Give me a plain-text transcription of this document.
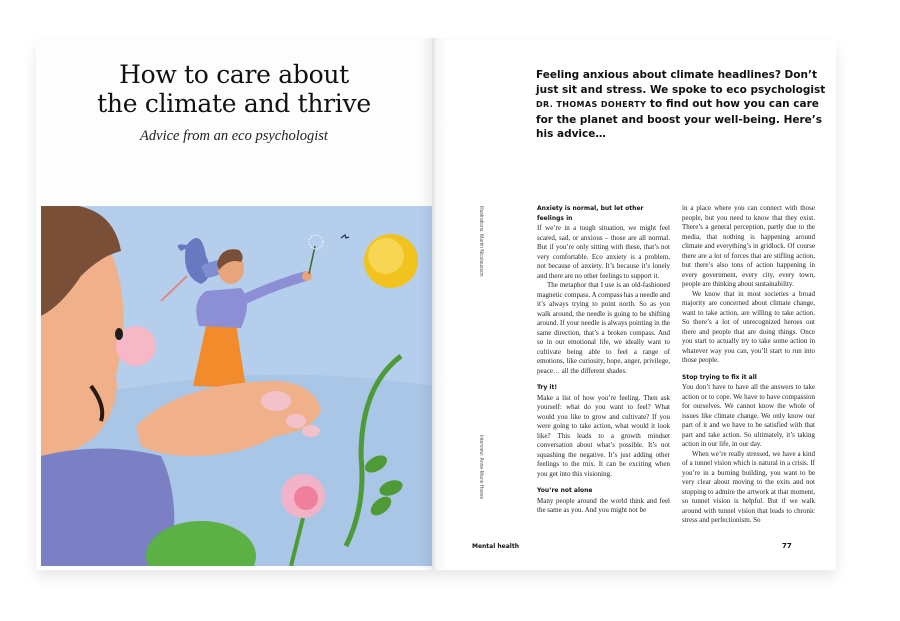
How to care about
the climate and thrive
Advice from an eco psychologist
Feeling anxious about climate headlines? Don’t just sit and stress. We spoke to eco psychologist DR. THOMAS DOHERTY to find out how you can care for the planet and boost your well-being. Here’s his advice…
Illustrations: Martin Nicolausson
Interview: Anne-Marie Hoeve
Anxiety is normal, but let other feelings in

If we’re in a tough situation, we might feel scared, sad, or anxious – those are all normal. But if you’re only sitting with these, that’s not very comfortable. Eco anxiety is a problem, not because of anxiety. It’s because it’s lonely and there are no other feelings to support it.

The metaphor that I use is an old-fashioned magnetic compass. A compass has a needle and it’s always trying to point north. So as you walk around, the needle is going to be shifting around. If your needle is always pointing in the same direction, that’s a broken compass. And so in our emotional life, we ideally want to cultivate being able to feel a range of emotions, like curiosity, hope, anger, privilege, peace… all the different shades.

Try it!

Make a list of how you’re feeling. Then ask yourself: what do you want to feel? What would you like to grow and cultivate? If you were going to take action, what would it look like? This leads to a growth mindset conversation about what’s possible. It’s not squashing the negative. It’s just adding other feelings to the mix. It can be exciting when you get into this visioning.

You’re not alone

Many people around the world think and feel the same as you. And you might not be

in a place where you can connect with those people, but you need to know that they exist. There’s a general perception, partly due to the media, that nothing is happening around climate and everything’s in gridlock. Of course there are a lot of forces that are stifling action, but there’s also tons of action happening in every government, every city, every town, people are thinking about sustainability.

We know that in most societies a broad majority are concerned about climate change, want to take action, are willing to take action. So there’s a lot of unrecognized heroes out there and people that are doing things. Once you start to actually try to take some action in whatever way you can, you’ll start to run into those people.

Stop trying to fix it all

You don’t have to have all the answers to take action or to cope. We have to have compassion for ourselves. We cannot know the whole of issues like climate change. We only know our part of it and we have to be satisfied with that part and take action. So ultimately, it’s taking action in our life, in our day.

When we’re really stressed, we have a kind of a tunnel vision which is natural in a crisis. If you’re in a burning building, you want to be very clear about moving to the exits and not stopping to admire the artwork at that moment, so tunnel vision is helpful. But if we walk around with tunnel vision that leads to chronic stress and perfectionism. So

Mental health	77
